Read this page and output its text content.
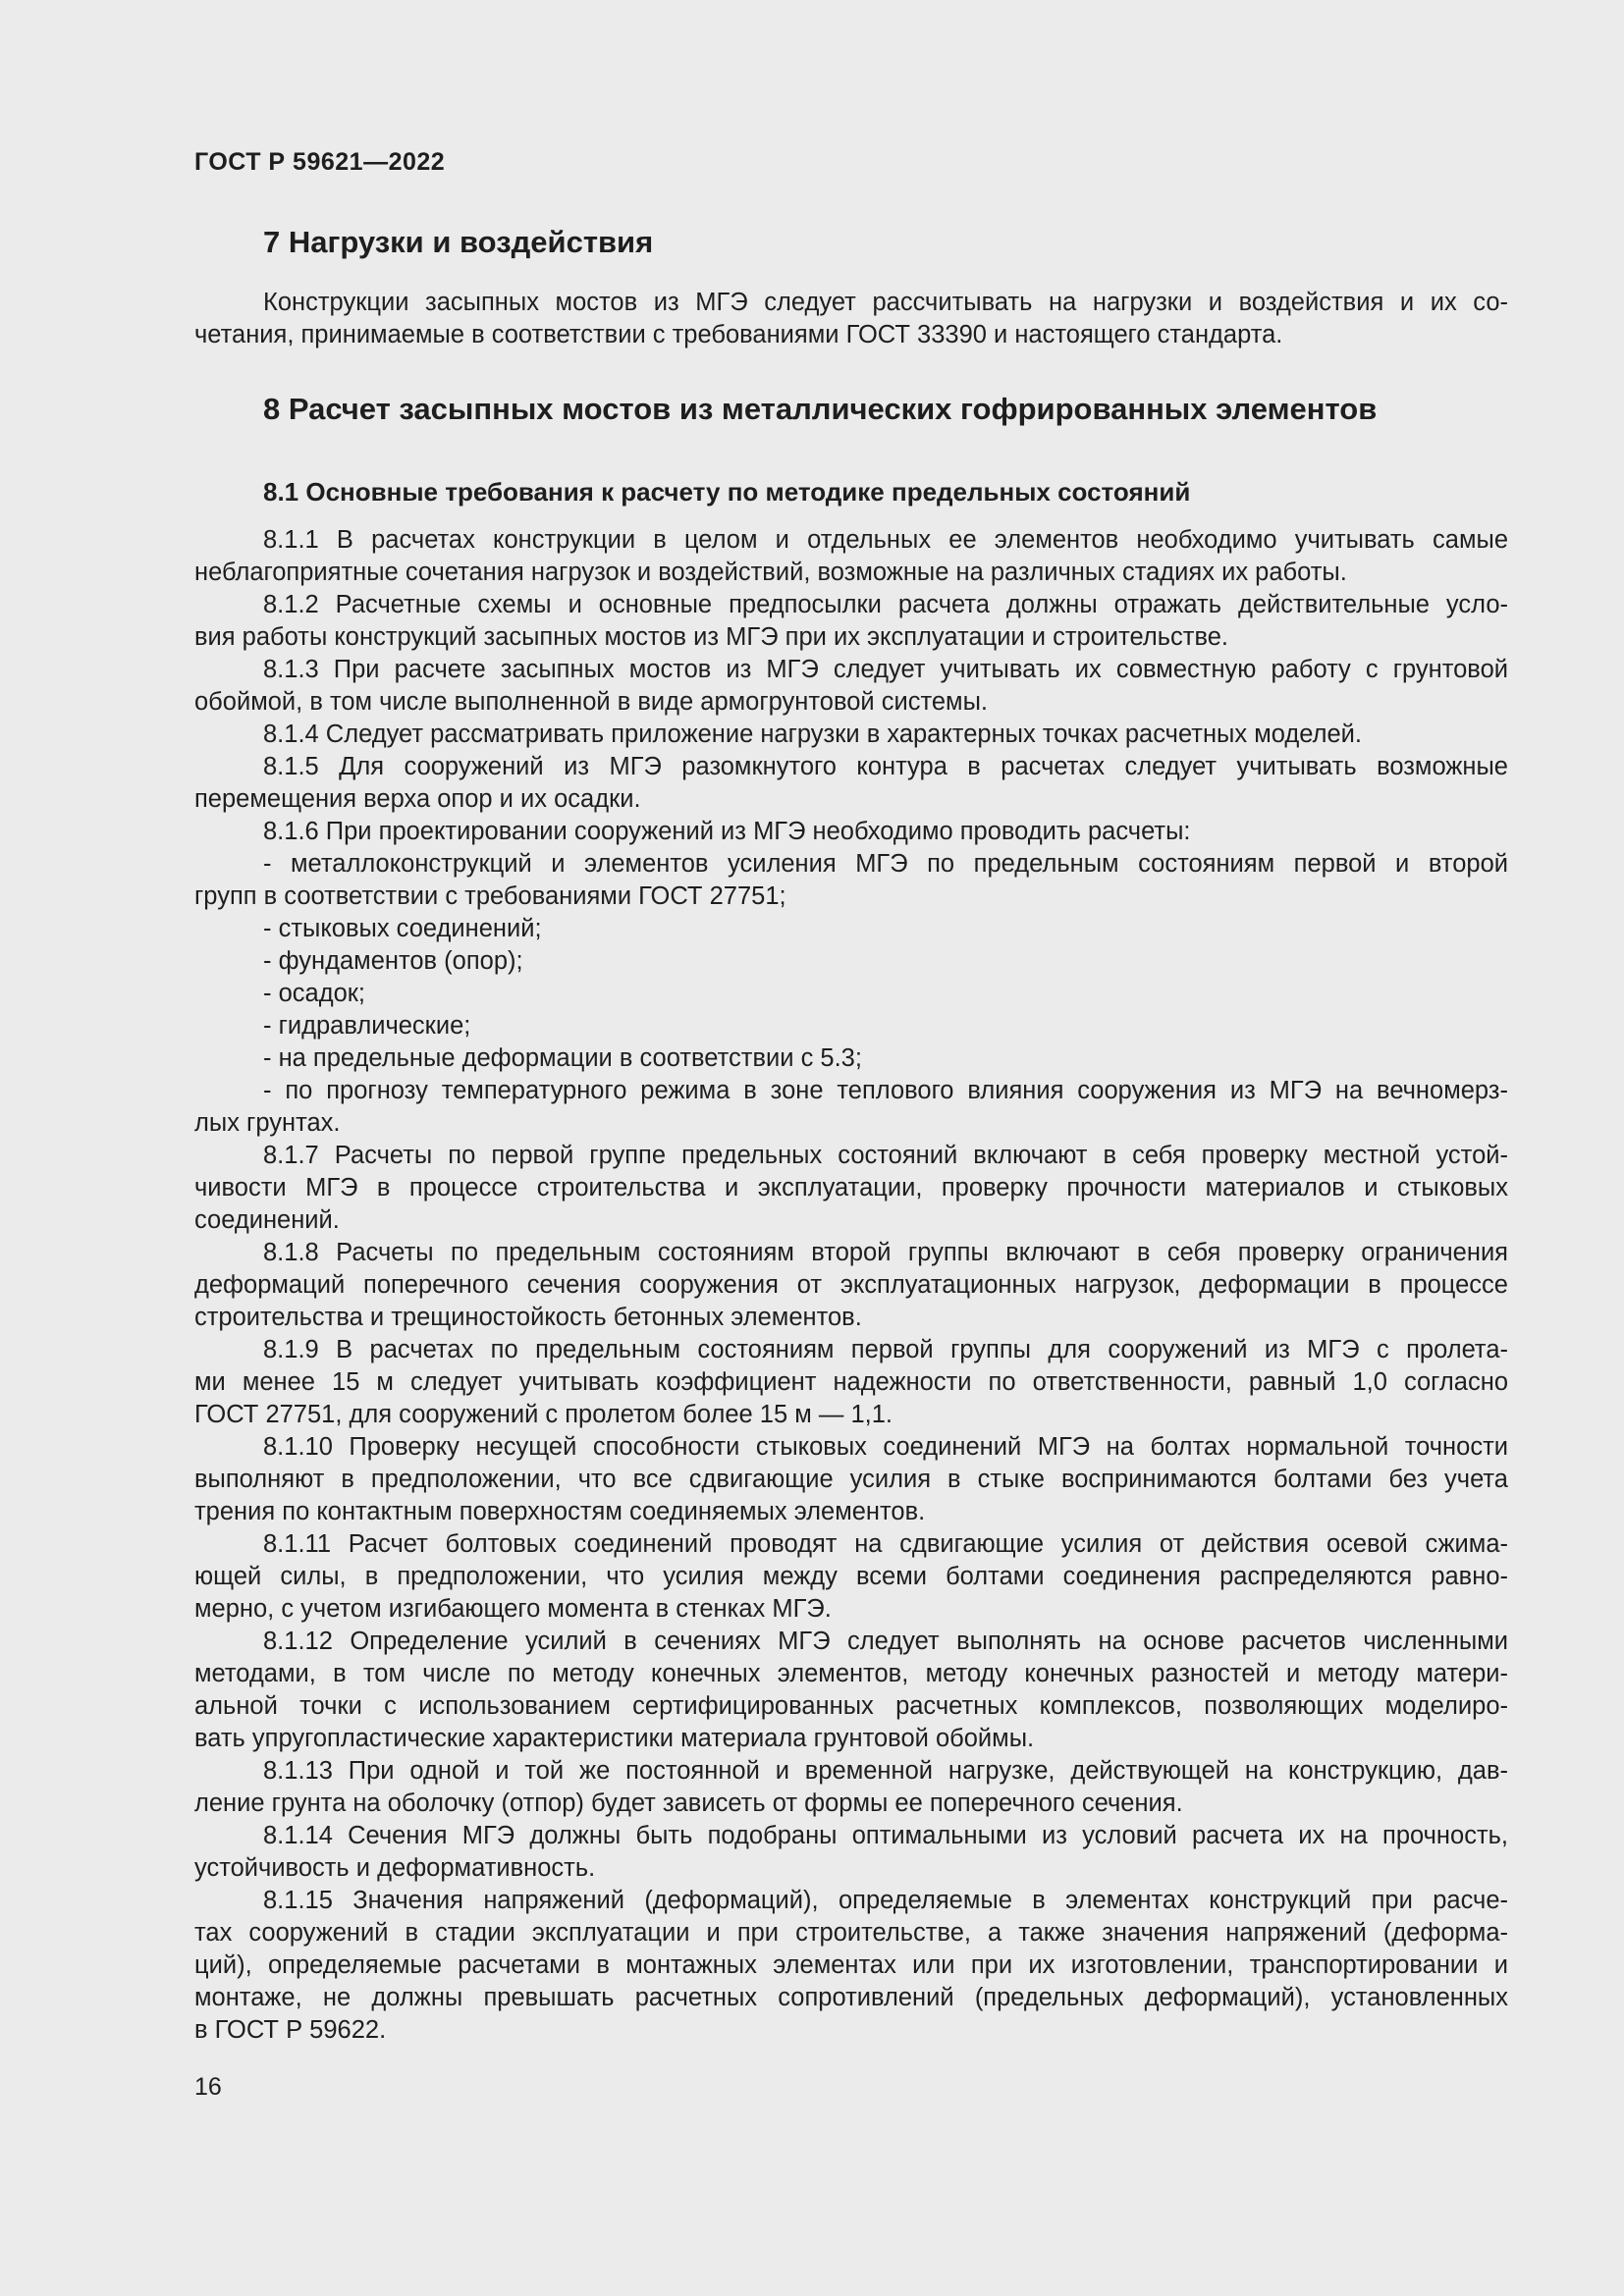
ГОСТ Р 59621—2022
7 Нагрузки и воздействия
Конструкции засыпных мостов из МГЭ следует рассчитывать на нагрузки и воздействия и их со-
четания, принимаемые в соответствии с требованиями ГОСТ 33390 и настоящего стандарта.
8 Расчет засыпных мостов из металлических гофрированных элементов
8.1 Основные требования к расчету по методике предельных состояний
8.1.1 В расчетах конструкции в целом и отдельных ее элементов необходимо учитывать самые
неблагоприятные сочетания нагрузок и воздействий, возможные на различных стадиях их работы.
8.1.2 Расчетные схемы и основные предпосылки расчета должны отражать действительные усло-
вия работы конструкций засыпных мостов из МГЭ при их эксплуатации и строительстве.
8.1.3 При расчете засыпных мостов из МГЭ следует учитывать их совместную работу с грунтовой
обоймой, в том числе выполненной в виде армогрунтовой системы.
8.1.4 Следует рассматривать приложение нагрузки в характерных точках расчетных моделей.
8.1.5 Для сооружений из МГЭ разомкнутого контура в расчетах следует учитывать возможные
перемещения верха опор и их осадки.
8.1.6 При проектировании сооружений из МГЭ необходимо проводить расчеты:
- металлоконструкций и элементов усиления МГЭ по предельным состояниям первой и второй
групп в соответствии с требованиями ГОСТ 27751;
- стыковых соединений;
- фундаментов (опор);
- осадок;
- гидравлические;
- на предельные деформации в соответствии с 5.3;
- по прогнозу температурного режима в зоне теплового влияния сооружения из МГЭ на вечномерз-
лых грунтах.
8.1.7 Расчеты по первой группе предельных состояний включают в себя проверку местной устой-
чивости МГЭ в процессе строительства и эксплуатации, проверку прочности материалов и стыковых
соединений.
8.1.8 Расчеты по предельным состояниям второй группы включают в себя проверку ограничения
деформаций поперечного сечения сооружения от эксплуатационных нагрузок, деформации в процессе
строительства и трещиностойкость бетонных элементов.
8.1.9 В расчетах по предельным состояниям первой группы для сооружений из МГЭ с пролета-
ми менее 15 м следует учитывать коэффициент надежности по ответственности, равный 1,0 согласно
ГОСТ 27751, для сооружений с пролетом более 15 м — 1,1.
8.1.10 Проверку несущей способности стыковых соединений МГЭ на болтах нормальной точности
выполняют в предположении, что все сдвигающие усилия в стыке воспринимаются болтами без учета
трения по контактным поверхностям соединяемых элементов.
8.1.11 Расчет болтовых соединений проводят на сдвигающие усилия от действия осевой сжима-
ющей силы, в предположении, что усилия между всеми болтами соединения распределяются равно-
мерно, с учетом изгибающего момента в стенках МГЭ.
8.1.12 Определение усилий в сечениях МГЭ следует выполнять на основе расчетов численными
методами, в том числе по методу конечных элементов, методу конечных разностей и методу матери-
альной точки с использованием сертифицированных расчетных комплексов, позволяющих моделиро-
вать упругопластические характеристики материала грунтовой обоймы.
8.1.13 При одной и той же постоянной и временной нагрузке, действующей на конструкцию, дав-
ление грунта на оболочку (отпор) будет зависеть от формы ее поперечного сечения.
8.1.14 Сечения МГЭ должны быть подобраны оптимальными из условий расчета их на прочность,
устойчивость и деформативность.
8.1.15 Значения напряжений (деформаций), определяемые в элементах конструкций при расче-
тах сооружений в стадии эксплуатации и при строительстве, а также значения напряжений (деформа-
ций), определяемые расчетами в монтажных элементах или при их изготовлении, транспортировании и
монтаже, не должны превышать расчетных сопротивлений (предельных деформаций), установленных
в ГОСТ Р 59622.
16
